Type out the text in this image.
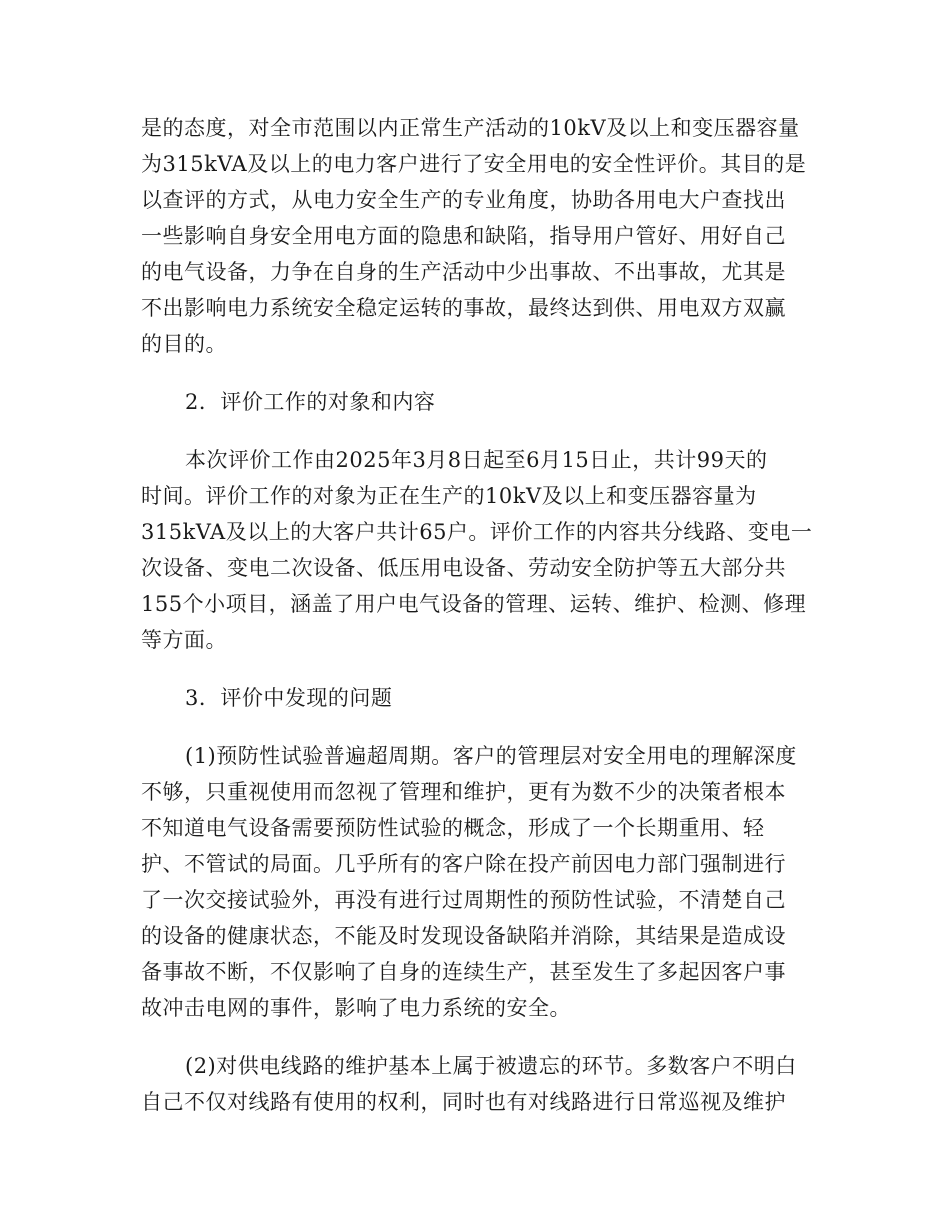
是的态度，对全市范围以内正常生产活动的10kV及以上和变压器容量
为315kVA及以上的电力客户进行了安全用电的安全性评价。其目的是
以查评的方式，从电力安全生产的专业角度，协助各用电大户查找出
一些影响自身安全用电方面的隐患和缺陷，指导用户管好、用好自己
的电气设备，力争在自身的生产活动中少出事故、不出事故，尤其是
不出影响电力系统安全稳定运转的事故，最终达到供、用电双方双赢
的目的。
2．评价工作的对象和内容
本次评价工作由2025年3月8日起至6月15日止，共计99天的
时间。评价工作的对象为正在生产的10kV及以上和变压器容量为
315kVA及以上的大客户共计65户。评价工作的内容共分线路、变电一
次设备、变电二次设备、低压用电设备、劳动安全防护等五大部分共
155个小项目，涵盖了用户电气设备的管理、运转、维护、检测、修理
等方面。
3．评价中发现的问题
(1)预防性试验普遍超周期。客户的管理层对安全用电的理解深度
不够，只重视使用而忽视了管理和维护，更有为数不少的决策者根本
不知道电气设备需要预防性试验的概念，形成了一个长期重用、轻
护、不管试的局面。几乎所有的客户除在投产前因电力部门强制进行
了一次交接试验外，再没有进行过周期性的预防性试验，不清楚自己
的设备的健康状态，不能及时发现设备缺陷并消除，其结果是造成设
备事故不断，不仅影响了自身的连续生产，甚至发生了多起因客户事
故冲击电网的事件，影响了电力系统的安全。
(2)对供电线路的维护基本上属于被遗忘的环节。多数客户不明白
自己不仅对线路有使用的权利，同时也有对线路进行日常巡视及维护
